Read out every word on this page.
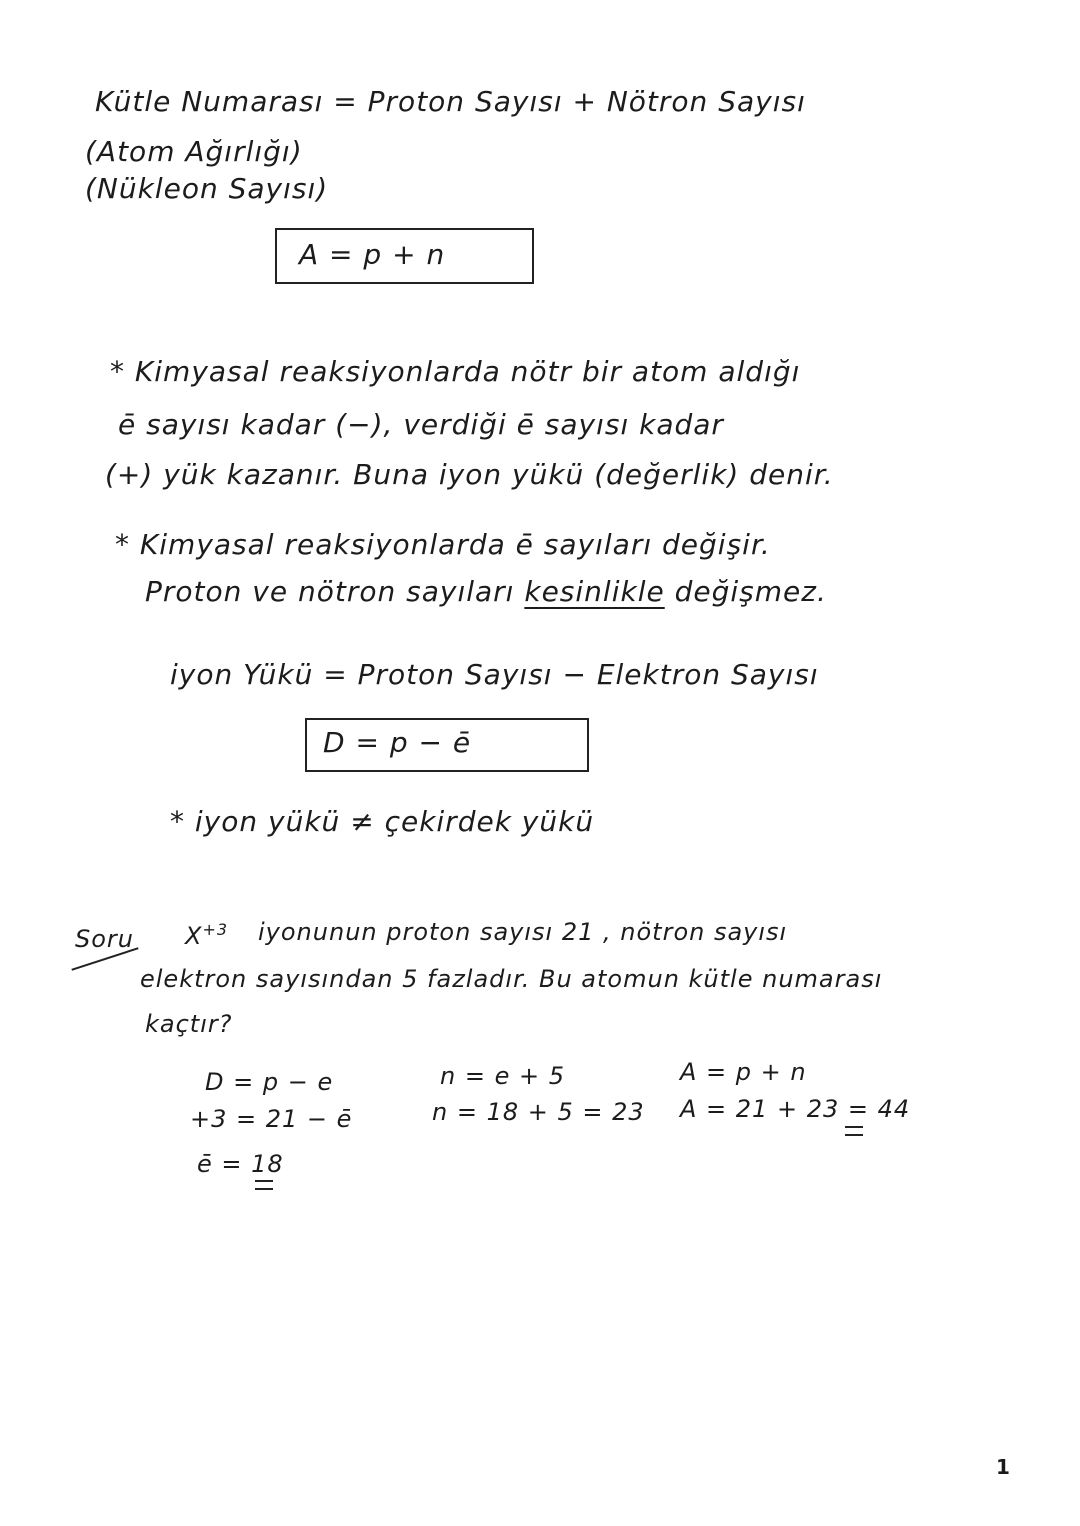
Kütle Numarası = Proton Sayısı + Nötron Sayısı
(Atom Ağırlığı)
(Nükleon Sayısı)
A = p + n
* Kimyasal reaksiyonlarda nötr bir atom aldığı
ē sayısı kadar (−), verdiği ē sayısı kadar
(+) yük kazanır. Buna iyon yükü (değerlik) denir.
* Kimyasal reaksiyonlarda ē sayıları değişir.
Proton ve nötron sayıları kesinlikle değişmez.
iyon Yükü = Proton Sayısı − Elektron Sayısı
D = p − ē
* iyon yükü ≠ çekirdek yükü
Soru $X^{+3}$ iyonunun proton sayısı 21 , nötron sayısı
elektron sayısından 5 fazladır. Bu atomun kütle numarası
kaçtır?
D = p − e
+3 = 21 − ē
ē = 18
n = e + 5
n = 18 + 5 = 23
A = p + n
A = 21 + 23 = 44
1
